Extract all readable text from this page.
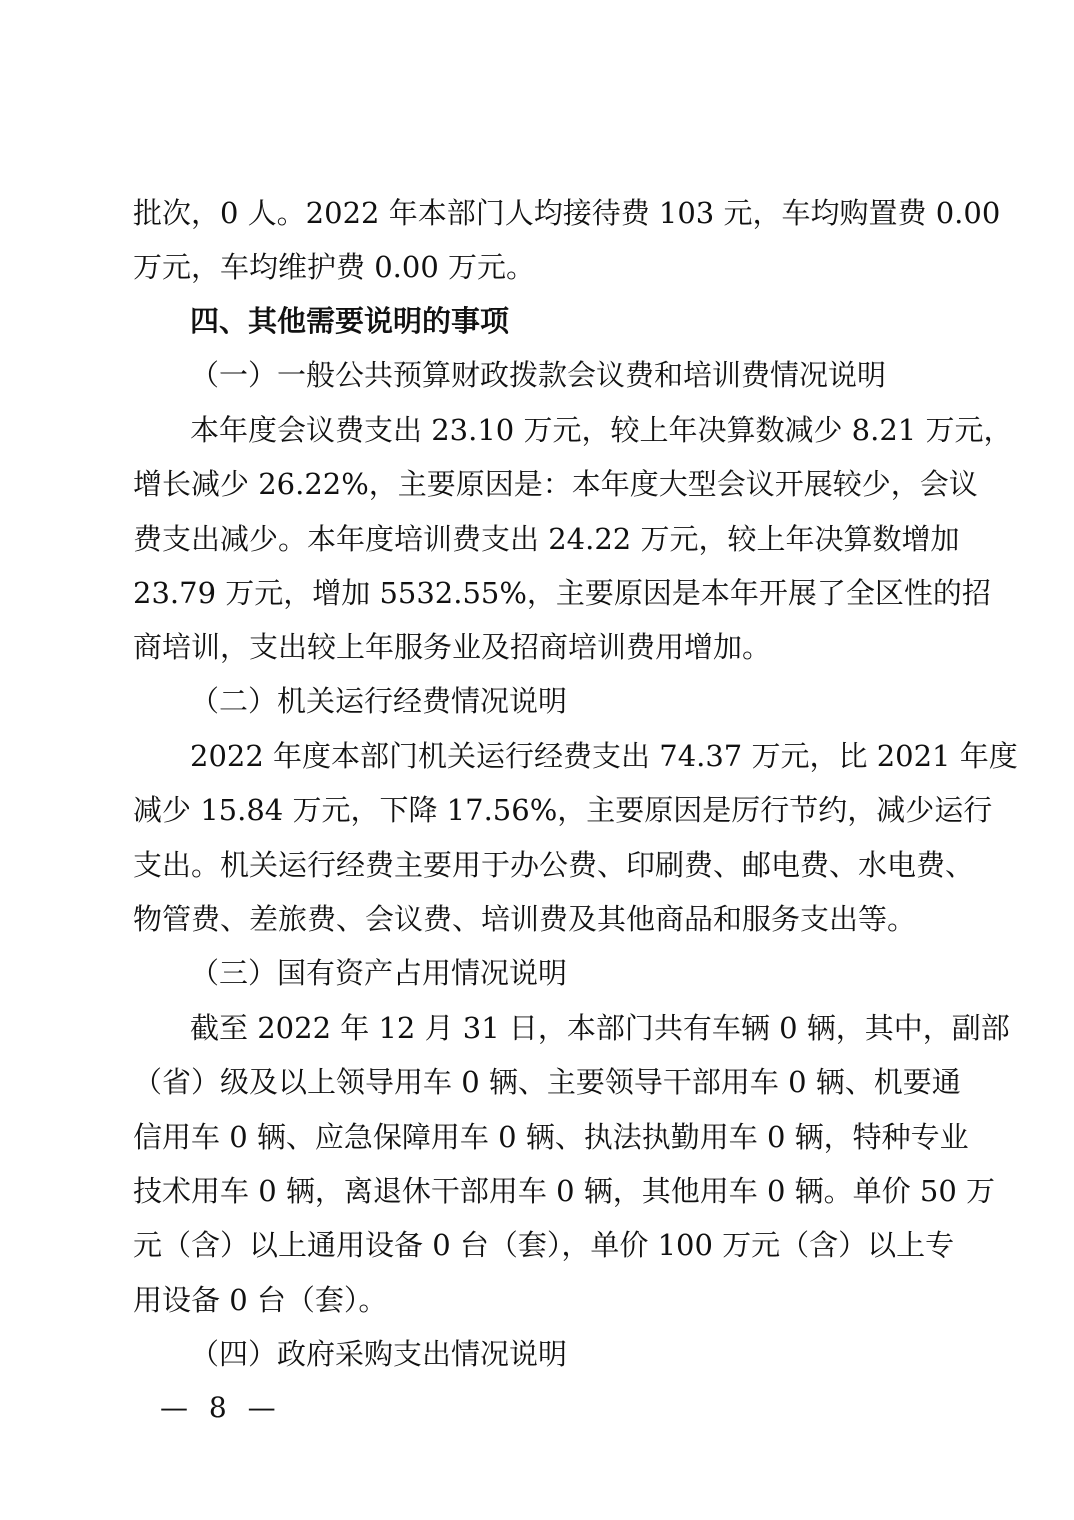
批次，0 人。2022 年本部门人均接待费 103 元，车均购置费 0.00
万元，车均维护费 0.00 万元。
四、其他需要说明的事项
（一）一般公共预算财政拨款会议费和培训费情况说明
本年度会议费支出 23.10 万元，较上年决算数减少 8.21 万元，
增长减少 26.22%，主要原因是：本年度大型会议开展较少，会议
费支出减少。本年度培训费支出 24.22 万元，较上年决算数增加
23.79 万元，增加 5532.55%，主要原因是本年开展了全区性的招
商培训，支出较上年服务业及招商培训费用增加。
（二）机关运行经费情况说明
2022 年度本部门机关运行经费支出 74.37 万元，比 2021 年度
减少 15.84 万元，下降 17.56%，主要原因是厉行节约，减少运行
支出。机关运行经费主要用于办公费、印刷费、邮电费、水电费、
物管费、差旅费、会议费、培训费及其他商品和服务支出等。
（三）国有资产占用情况说明
截至 2022 年 12 月 31 日，本部门共有车辆 0 辆，其中，副部
（省）级及以上领导用车 0 辆、主要领导干部用车 0 辆、机要通
信用车 0 辆、应急保障用车 0 辆、执法执勤用车 0 辆，特种专业
技术用车 0 辆，离退休干部用车 0 辆，其他用车 0 辆。单价 50 万
元（含）以上通用设备 0 台（套），单价 100 万元（含）以上专
用设备 0 台（套）。
（四）政府采购支出情况说明
— 8 —
